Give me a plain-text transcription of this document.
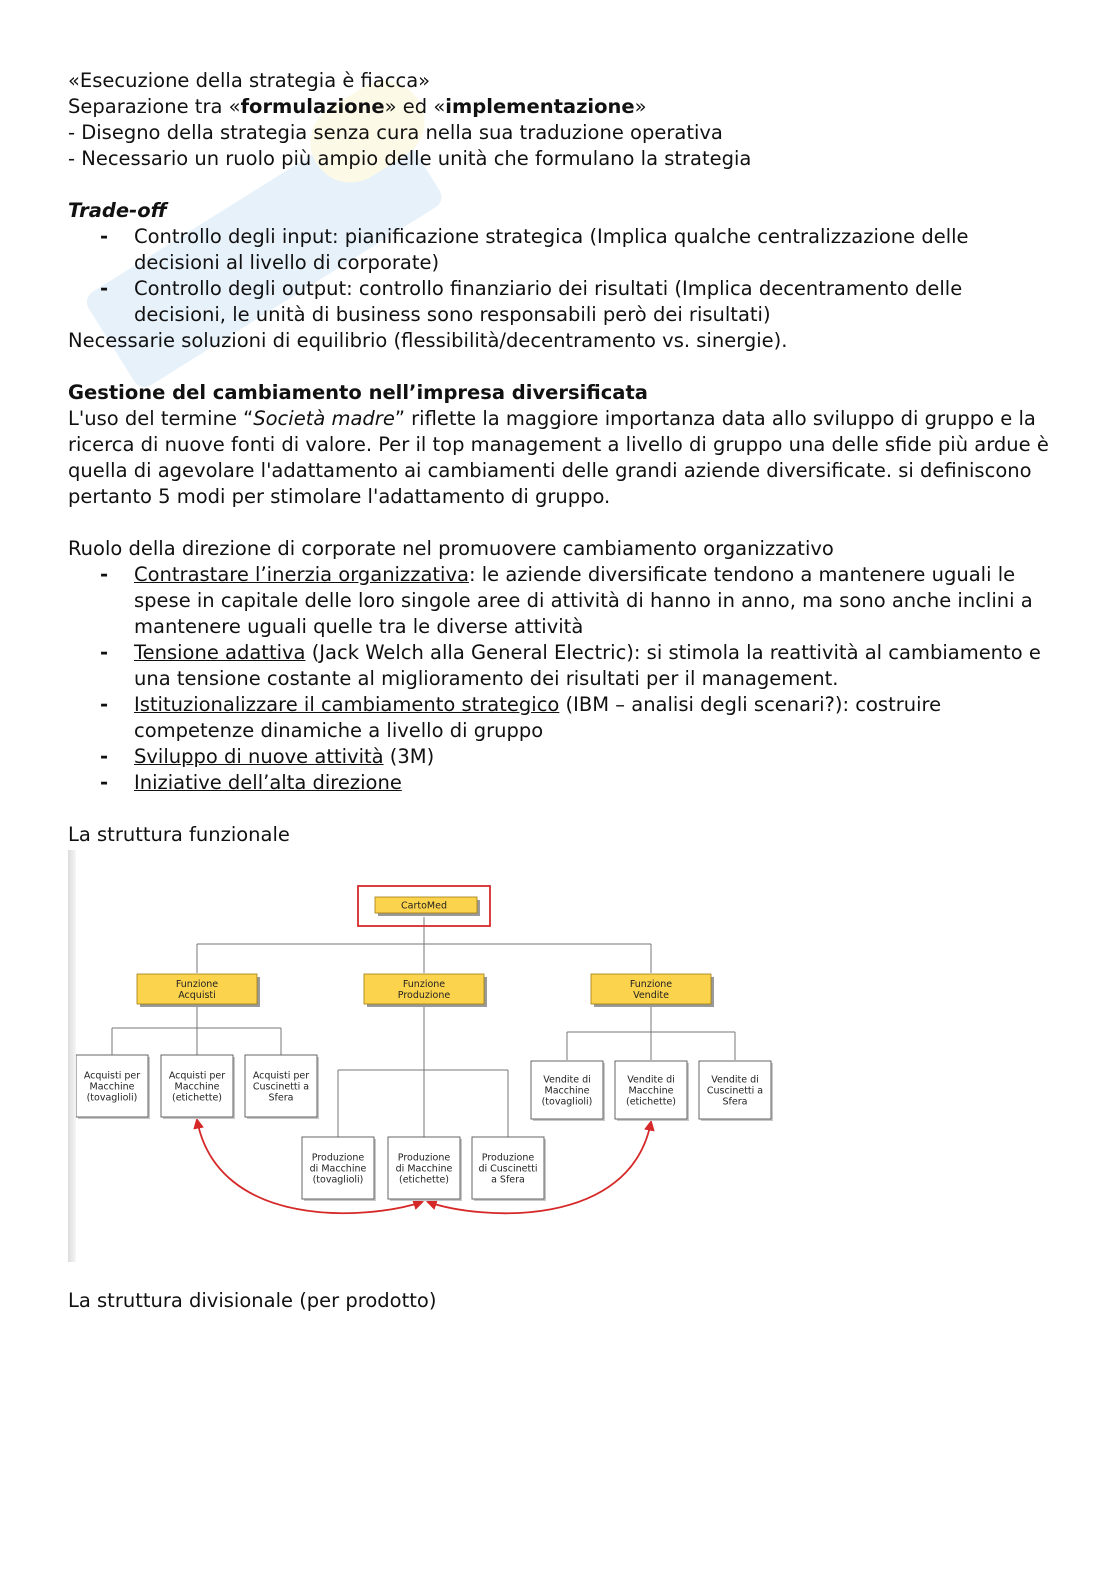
«Esecuzione della strategia è fiacca»

Separazione tra «formulazione» ed «implementazione»

- Disegno della strategia senza cura nella sua traduzione operativa

- Necessario un ruolo più ampio delle unità che formulano la strategia

Trade-off

- Controllo degli input: pianificazione strategica (Implica qualche centralizzazione delle decisioni al livello di corporate)
- Controllo degli output: controllo finanziario dei risultati (Implica decentramento delle decisioni, le unità di business sono responsabili però dei risultati)

Necessarie soluzioni di equilibrio (flessibilità/decentramento vs. sinergie).

Gestione del cambiamento nell’impresa diversificata

L'uso del termine “Società madre” riflette la maggiore importanza data allo sviluppo di gruppo e la ricerca di nuove fonti di valore. Per il top management a livello di gruppo una delle sfide più ardue è quella di agevolare l'adattamento ai cambiamenti delle grandi aziende diversificate. si definiscono pertanto 5 modi per stimolare l'adattamento di gruppo.

Ruolo della direzione di corporate nel promuovere cambiamento organizzativo

- Contrastare l’inerzia organizzativa: le aziende diversificate tendono a mantenere uguali le spese in capitale delle loro singole aree di attività di hanno in anno, ma sono anche inclini a mantenere uguali quelle tra le diverse attività
- Tensione adattiva (Jack Welch alla General Electric): si stimola la reattività al cambiamento e una tensione costante al miglioramento dei risultati per il management.
- Istituzionalizzare il cambiamento strategico (IBM – analisi degli scenari?): costruire competenze dinamiche a livello di gruppo
- Sviluppo di nuove attività (3M)
- Iniziative dell’alta direzione

La struttura funzionale

CartoMed
Funzione
Acquisti
Funzione
Produzione
Funzione
Vendite
Acquisti per
Macchine
(tovaglioli)
Acquisti per
Macchine
(etichette)
Acquisti per
Cuscinetti a
Sfera
Produzione
di Macchine
(tovaglioli)
Produzione
di Macchine
(etichette)
Produzione
di Cuscinetti
a Sfera
Vendite di
Macchine
(tovaglioli)
Vendite di
Macchine
(etichette)
Vendite di
Cuscinetti a
Sfera

La struttura divisionale (per prodotto)
